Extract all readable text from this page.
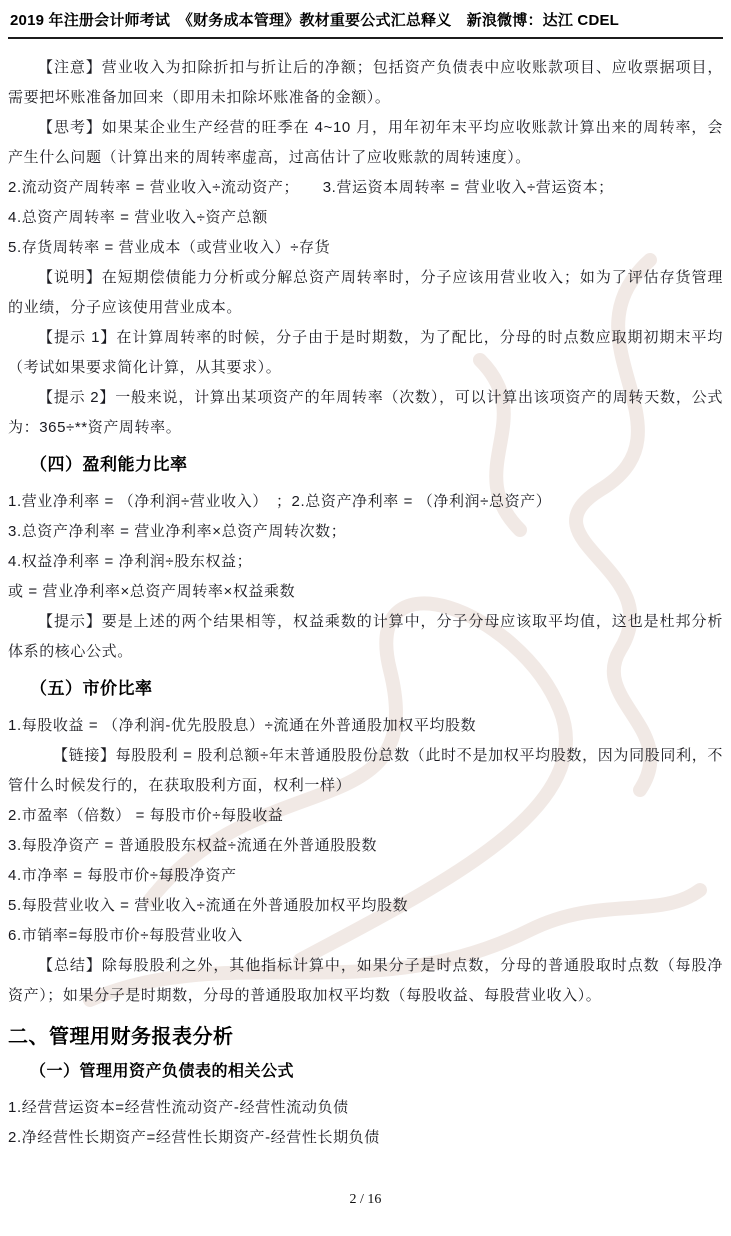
2019 年注册会计师考试　《财务成本管理》教材重要公式汇总释义　新浪微博：达江 CDEL

【注意】营业收入为扣除折扣与折让后的净额；包括资产负债表中应收账款项目、应收票据项目，需要把坏账准备加回来（即用未扣除坏账准备的金额）。

【思考】如果某企业生产经营的旺季在 4~10 月，用年初年末平均应收账款计算出来的周转率，会产生什么问题（计算出来的周转率虚高，过高估计了应收账款的周转速度）。

2.流动资产周转率 = 营业收入÷流动资产；　　3.营运资本周转率 = 营业收入÷营运资本；

4.总资产周转率 = 营业收入÷资产总额

5.存货周转率 = 营业成本（或营业收入）÷存货

【说明】在短期偿债能力分析或分解总资产周转率时，分子应该用营业收入；如为了评估存货管理的业绩，分子应该使用营业成本。

【提示 1】在计算周转率的时候，分子由于是时期数，为了配比，分母的时点数应取期初期末平均（考试如果要求简化计算，从其要求）。

【提示 2】一般来说，计算出某项资产的年周转率（次数），可以计算出该项资产的周转天数，公式为：365÷**资产周转率。

（四）盈利能力比率

1.营业净利率 = （净利润÷营业收入）　；2.总资产净利率 = （净利润÷总资产）

3.总资产净利率 = 营业净利率×总资产周转次数；

4.权益净利率 = 净利润÷股东权益；

或 = 营业净利率×总资产周转率×权益乘数

【提示】要是上述的两个结果相等，权益乘数的计算中，分子分母应该取平均值，这也是杜邦分析体系的核心公式。

（五）市价比率

1.每股收益 = （净利润-优先股股息）÷流通在外普通股加权平均股数

【链接】每股股利 = 股利总额÷年末普通股股份总数（此时不是加权平均股数，因为同股同利，不管什么时候发行的，在获取股利方面，权利一样）

2.市盈率（倍数） = 每股市价÷每股收益

3.每股净资产 = 普通股股东权益÷流通在外普通股股数

4.市净率 = 每股市价÷每股净资产

5.每股营业收入 = 营业收入÷流通在外普通股加权平均股数

6.市销率=每股市价÷每股营业收入

【总结】除每股股利之外，其他指标计算中，如果分子是时点数，分母的普通股取时点数（每股净资产）；如果分子是时期数，分母的普通股取加权平均数（每股收益、每股营业收入）。

二、管理用财务报表分析
（一）管理用资产负债表的相关公式

1.经营营运资本=经营性流动资产-经营性流动负债

2.净经营性长期资产=经营性长期资产-经营性长期负债

2 / 16
